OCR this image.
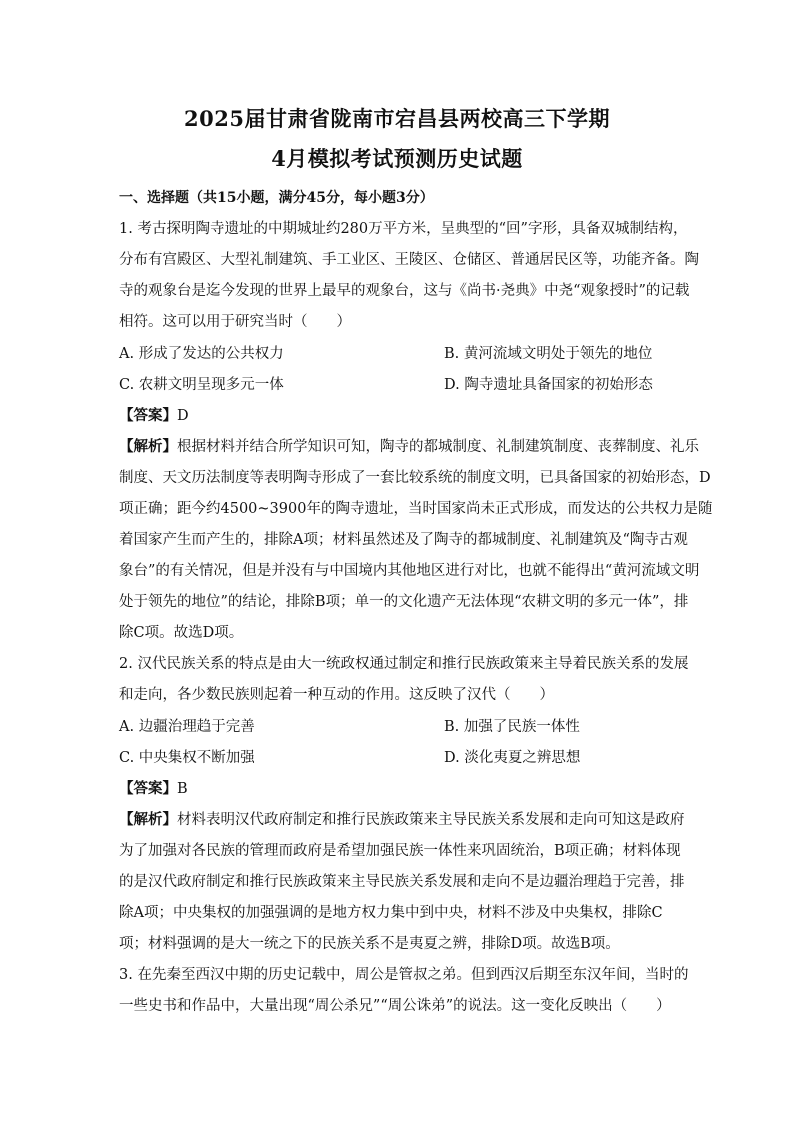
2025届甘肃省陇南市宕昌县两校高三下学期
4月模拟考试预测历史试题
一、选择题（共15小题，满分45分，每小题3分）
1. 考古探明陶寺遗址的中期城址约280万平方米，呈典型的“回”字形，具备双城制结构，
分布有宫殿区、大型礼制建筑、手工业区、王陵区、仓储区、普通居民区等，功能齐备。陶
寺的观象台是迄今发现的世界上最早的观象台，这与《尚书·尧典》中尧“观象授时”的记载
相符。这可以用于研究当时（　　）
A. 形成了发达的公共权力	B. 黄河流域文明处于领先的地位
C. 农耕文明呈现多元一体	D. 陶寺遗址具备国家的初始形态
【答案】D
【解析】根据材料并结合所学知识可知，陶寺的都城制度、礼制建筑制度、丧葬制度、礼乐
制度、天文历法制度等表明陶寺形成了一套比较系统的制度文明，已具备国家的初始形态，D
项正确；距今约4500~3900年的陶寺遗址，当时国家尚未正式形成，而发达的公共权力是随
着国家产生而产生的，排除A项；材料虽然述及了陶寺的都城制度、礼制建筑及“陶寺古观
象台”的有关情况，但是并没有与中国境内其他地区进行对比，也就不能得出“黄河流域文明
处于领先的地位”的结论，排除B项；单一的文化遗产无法体现“农耕文明的多元一体”，排
除C项。故选D项。
2. 汉代民族关系的特点是由大一统政权通过制定和推行民族政策来主导着民族关系的发展
和走向，各少数民族则起着一种互动的作用。这反映了汉代（　　）
A. 边疆治理趋于完善	B. 加强了民族一体性
C. 中央集权不断加强	D. 淡化夷夏之辨思想
【答案】B
【解析】材料表明汉代政府制定和推行民族政策来主导民族关系发展和走向可知这是政府
为了加强对各民族的管理而政府是希望加强民族一体性来巩固统治，B项正确；材料体现
的是汉代政府制定和推行民族政策来主导民族关系发展和走向不是边疆治理趋于完善，排
除A项；中央集权的加强强调的是地方权力集中到中央，材料不涉及中央集权，排除C
项；材料强调的是大一统之下的民族关系不是夷夏之辨，排除D项。故选B项。
3. 在先秦至西汉中期的历史记载中，周公是管叔之弟。但到西汉后期至东汉年间，当时的
一些史书和作品中，大量出现“周公杀兄”“周公诛弟”的说法。这一变化反映出（　　）
